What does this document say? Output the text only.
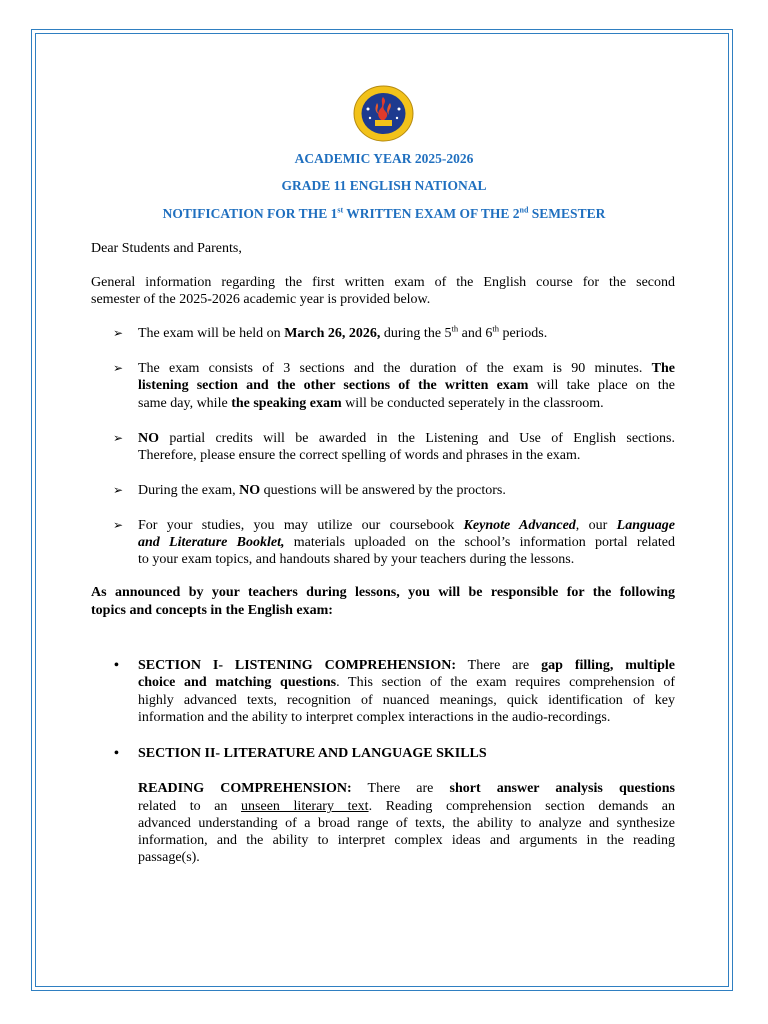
ACADEMIC YEAR 2025-2026
GRADE 11 ENGLISH NATIONAL
NOTIFICATION FOR THE 1st WRITTEN EXAM OF THE 2nd SEMESTER
Dear Students and Parents,
General information regarding the first written exam of the English course for the second
semester of the 2025-2026 academic year is provided below.
➢ The exam will be held on March 26, 2026, during the 5th and 6th periods.
➢ The exam consists of 3 sections and the duration of the exam is 90 minutes. The
listening section and the other sections of the written exam will take place on the
same day, while the speaking exam will be conducted seperately in the classroom.
➢ NO partial credits will be awarded in the Listening and Use of English sections.
Therefore, please ensure the correct spelling of words and phrases in the exam.
➢ During the exam, NO questions will be answered by the proctors.
➢ For your studies, you may utilize our coursebook Keynote Advanced, our Language
and Literature Booklet, materials uploaded on the school’s information portal related
to your exam topics, and handouts shared by your teachers during the lessons.
As announced by your teachers during lessons, you will be responsible for the following
topics and concepts in the English exam:
• SECTION I- LISTENING COMPREHENSION: There are gap filling, multiple
choice and matching questions. This section of the exam requires comprehension of
highly advanced texts, recognition of nuanced meanings, quick identification of key
information and the ability to interpret complex interactions in the audio-recordings.
• SECTION II- LITERATURE AND LANGUAGE SKILLS
READING COMPREHENSION: There are short answer analysis questions
related to an unseen literary text. Reading comprehension section demands an
advanced understanding of a broad range of texts, the ability to analyze and synthesize
information, and the ability to interpret complex ideas and arguments in the reading
passage(s).
